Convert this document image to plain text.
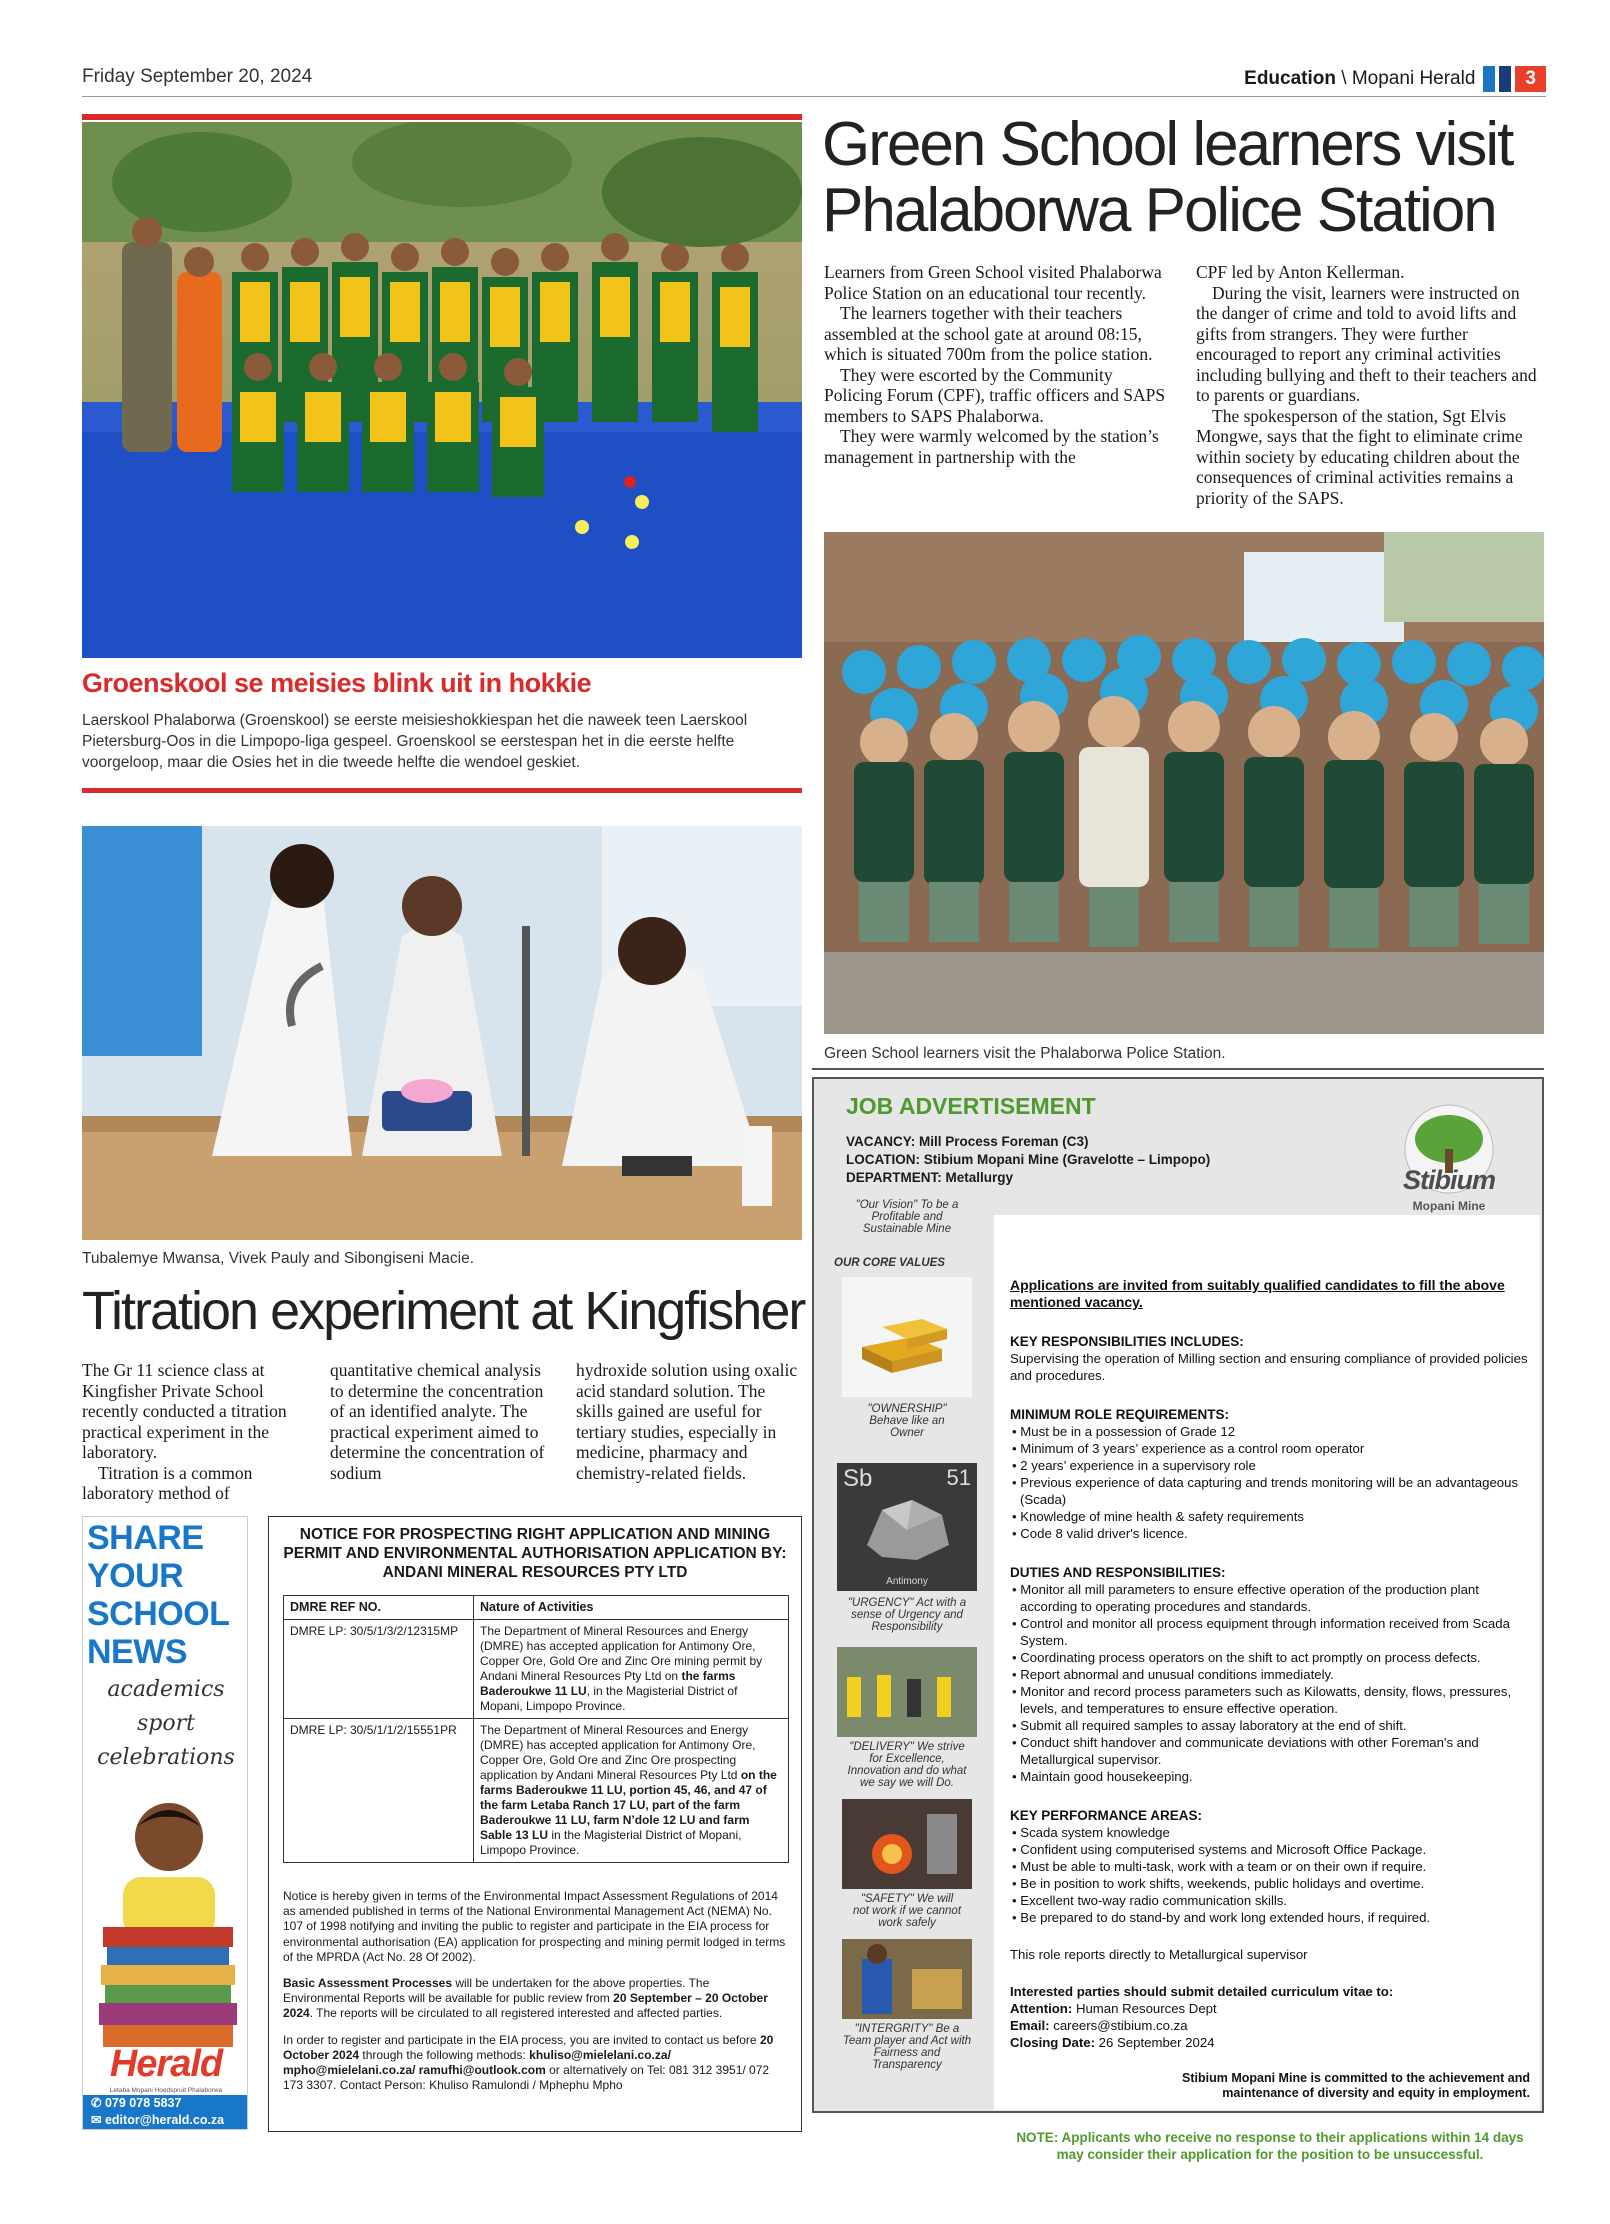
Friday September 20, 2024	Education \ Mopani Herald	3
Groenskool se meisies blink uit in hokkie
Laerskool Phalaborwa (Groenskool) se eerste meisieshokkiespan het die naweek teen Laerskool Pietersburg-Oos in die Limpopo-liga gespeel. Groenskool se eerstespan het in die eerste helfte voorgeloop, maar die Osies het in die tweede helfte die wendoel geskiet.
Tubalemye Mwansa, Vivek Pauly and Sibongiseni Macie.
Titration experiment at Kingfisher

The Gr 11 science class at Kingfisher Private School recently conducted a titration practical experiment in the laboratory.

Titration is a common laboratory method of

quantitative chemical analysis to determine the concentration of an identified analyte. The practical experiment aimed to determine the concentration of sodium

hydroxide solution using oxalic acid standard solution. The skills gained are useful for tertiary studies, especially in medicine, pharmacy and chemistry-related fields.

Green School learners visit Phalaborwa Police Station

Learners from Green School visited Phalaborwa Police Station on an educational tour recently.

The learners together with their teachers assembled at the school gate at around 08:15, which is situated 700m from the police station.

They were escorted by the Community Policing Forum (CPF), traffic officers and SAPS members to SAPS Phalaborwa.

They were warmly welcomed by the station’s management in partnership with the

CPF led by Anton Kellerman.

During the visit, learners were instructed on the danger of crime and told to avoid lifts and gifts from strangers. They were further encouraged to report any criminal activities including bullying and theft to their teachers and to parents or guardians.

The spokesperson of the station, Sgt Elvis Mongwe, says that the fight to eliminate crime within society by educating children about the consequences of criminal activities remains a priority of the SAPS.

Green School learners visit the Phalaborwa Police Station.
JOB ADVERTISEMENT
VACANCY: Mill Process Foreman (C3)
LOCATION: Stibium Mopani Mine (Gravelotte – Limpopo)
DEPARTMENT: Metallurgy	Stibium
Mopani Mine
"Our Vision" To be a Profitable and Sustainable Mine
OUR CORE VALUES
"OWNERSHIP" Behave like an Owner
Sb	51
Antimony
"URGENCY" Act with a sense of Urgency and Responsibility
"DELIVERY" We strive for Excellence, Innovation and do what we say we will Do.
"SAFETY" We will not work if we cannot work safely
"INTERGRITY" Be a Team player and Act with Fairness and Transparency
Applications are invited from suitably qualified candidates to fill the above mentioned vacancy.
KEY RESPONSIBILITIES INCLUDES:
Supervising the operation of Milling section and ensuring compliance of provided policies and procedures.
MINIMUM ROLE REQUIREMENTS:
• Must be in a possession of Grade 12
• Minimum of 3 years’ experience as a control room operator
• 2 years’ experience in a supervisory role
• Previous experience of data capturing and trends monitoring will be an advantageous (Scada)
• Knowledge of mine health & safety requirements
• Code 8 valid driver's licence.
DUTIES AND RESPONSIBILITIES:
• Monitor all mill parameters to ensure effective operation of the production plant according to operating procedures and standards.
• Control and monitor all process equipment through information received from Scada System.
• Coordinating process operators on the shift to act promptly on process defects.
• Report abnormal and unusual conditions immediately.
• Monitor and record process parameters such as Kilowatts, density, flows, pressures, levels, and temperatures to ensure effective operation.
• Submit all required samples to assay laboratory at the end of shift.
• Conduct shift handover and communicate deviations with other Foreman's and Metallurgical supervisor.
• Maintain good housekeeping.
KEY PERFORMANCE AREAS:
• Scada system knowledge
• Confident using computerised systems and Microsoft Office Package.
• Must be able to multi-task, work with a team or on their own if require.
• Be in position to work shifts, weekends, public holidays and overtime.
• Excellent two-way radio communication skills.
• Be prepared to do stand-by and work long extended hours, if required.
This role reports directly to Metallurgical supervisor
Interested parties should submit detailed curriculum vitae to:
Attention: Human Resources Dept
Email: careers@stibium.co.za
Closing Date: 26 September 2024
Stibium Mopani Mine is committed to the achievement and maintenance of diversity and equity in employment.
NOTE: Applicants who receive no response to their applications within 14 days may consider their application for the position to be unsuccessful.
SHARE
YOUR
SCHOOL
NEWS
academics
sport
celebrations
Herald
Letaba Mopani Hoedspruit Phalaborwa
✆ 079 078 5837
✉ editor@herald.co.za
NOTICE FOR PROSPECTING RIGHT APPLICATION AND MINING PERMIT AND ENVIRONMENTAL AUTHORISATION APPLICATION BY: ANDANI MINERAL RESOURCES PTY LTD
DMRE REF NO.	Nature of Activities
DMRE LP: 30/5/1/3/2/12315MP	The Department of Mineral Resources and Energy (DMRE) has accepted application for Antimony Ore, Copper Ore, Gold Ore and Zinc Ore mining permit by Andani Mineral Resources Pty Ltd on the farms Baderoukwe 11 LU, in the Magisterial District of Mopani, Limpopo Province.
DMRE LP: 30/5/1/1/2/15551PR	The Department of Mineral Resources and Energy (DMRE) has accepted application for Antimony Ore, Copper Ore, Gold Ore and Zinc Ore prospecting application by Andani Mineral Resources Pty Ltd on the farms Baderoukwe 11 LU, portion 45, 46, and 47 of the farm Letaba Ranch 17 LU, part of the farm Baderoukwe 11 LU, farm N’dole 12 LU and farm Sable 13 LU in the Magisterial District of Mopani, Limpopo Province.

Notice is hereby given in terms of the Environmental Impact Assessment Regulations of 2014 as amended published in terms of the National Environmental Management Act (NEMA) No. 107 of 1998 notifying and inviting the public to register and participate in the EIA process for environmental authorisation (EA) application for prospecting and mining permit lodged in terms of the MPRDA (Act No. 28 Of 2002).

Basic Assessment Processes will be undertaken for the above properties. The Environmental Reports will be available for public review from 20 September – 20 October 2024. The reports will be circulated to all registered interested and affected parties.

In order to register and participate in the EIA process, you are invited to contact us before 20 October 2024 through the following methods: khuliso@mielelani.co.za/ mpho@mielelani.co.za/ ramufhi@outlook.com or alternatively on Tel: 081 312 3951/ 072 173 3307. Contact Person: Khuliso Ramulondi / Mphephu Mpho
